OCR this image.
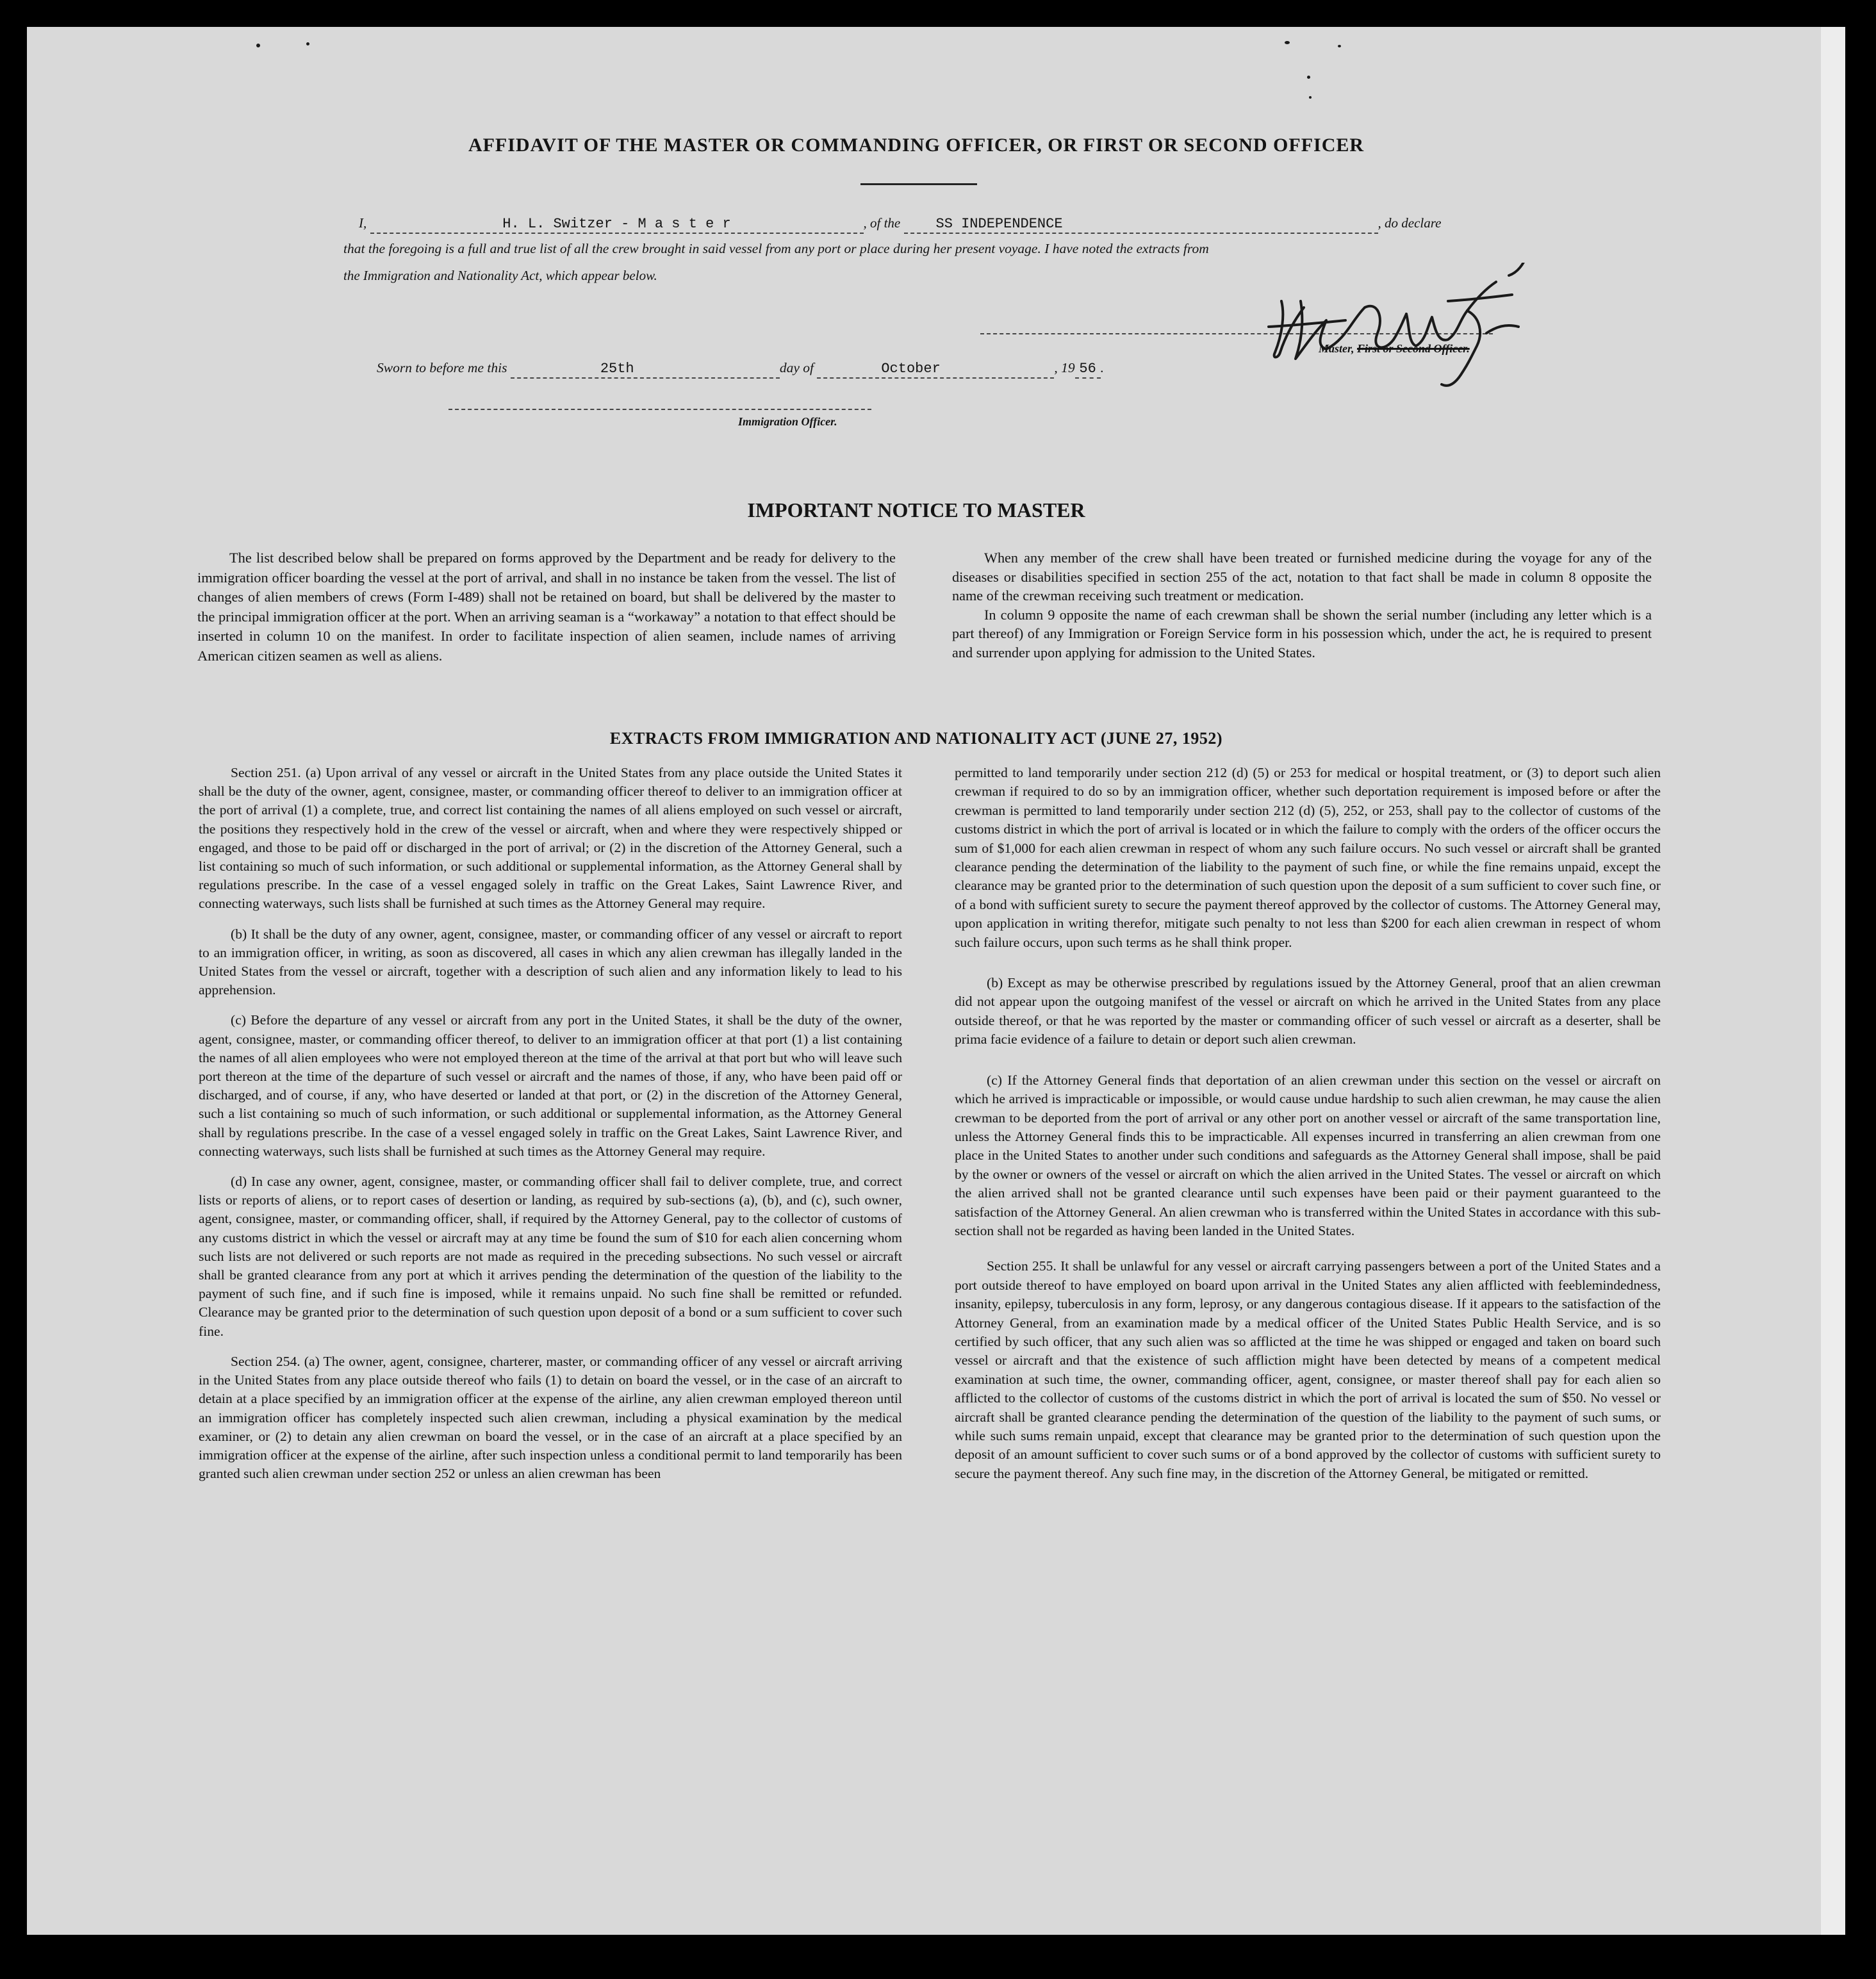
AFFIDAVIT OF THE MASTER OR COMMANDING OFFICER, OR FIRST OR SECOND OFFICER
I,	H. L. Switzer - M a s t e r	, of the	SS INDEPENDENCE	, do declare
that the foregoing is a full and true list of all the crew brought in said vessel from any port or place during her present voyage. I have noted the extracts from
the Immigration and Nationality Act, which appear below.
Master, First or Second Officer.
Sworn to before me this	25th	day of	October	, 19 56 .
Immigration Officer.
IMPORTANT NOTICE TO MASTER

The list described below shall be prepared on forms approved by the Department and be ready for delivery to the immigration officer boarding the vessel at the port of arrival, and shall in no instance be taken from the vessel. The list of changes of alien members of crews (Form I-489) shall not be retained on board, but shall be delivered by the master to the principal immigration officer at the port. When an arriving seaman is a “workaway” a notation to that effect should be inserted in column 10 on the manifest. In order to facilitate inspection of alien seamen, include names of arriving American citizen seamen as well as aliens.

When any member of the crew shall have been treated or furnished medicine during the voyage for any of the diseases or disabilities specified in section 255 of the act, notation to that fact shall be made in column 8 opposite the name of the crewman receiving such treatment or medication.

In column 9 opposite the name of each crewman shall be shown the serial number (including any letter which is a part thereof) of any Immigration or Foreign Service form in his possession which, under the act, he is required to present and surrender upon applying for admission to the United States.

EXTRACTS FROM IMMIGRATION AND NATIONALITY ACT (JUNE 27, 1952)

Section 251. (a) Upon arrival of any vessel or aircraft in the United States from any place outside the United States it shall be the duty of the owner, agent, consignee, master, or commanding officer thereof to deliver to an immigration officer at the port of arrival (1) a complete, true, and correct list containing the names of all aliens employed on such vessel or aircraft, the positions they respectively hold in the crew of the vessel or aircraft, when and where they were respectively shipped or engaged, and those to be paid off or discharged in the port of arrival; or (2) in the discretion of the Attorney General, such a list containing so much of such information, or such additional or supplemental information, as the Attorney General shall by regulations prescribe. In the case of a vessel engaged solely in traffic on the Great Lakes, Saint Lawrence River, and connecting waterways, such lists shall be furnished at such times as the Attorney General may require.

(b) It shall be the duty of any owner, agent, consignee, master, or commanding officer of any vessel or aircraft to report to an immigration officer, in writing, as soon as discovered, all cases in which any alien crewman has illegally landed in the United States from the vessel or aircraft, together with a description of such alien and any information likely to lead to his apprehension.

(c) Before the departure of any vessel or aircraft from any port in the United States, it shall be the duty of the owner, agent, consignee, master, or commanding officer thereof, to deliver to an immigration officer at that port (1) a list containing the names of all alien employees who were not employed thereon at the time of the arrival at that port but who will leave such port thereon at the time of the departure of such vessel or aircraft and the names of those, if any, who have been paid off or discharged, and of course, if any, who have deserted or landed at that port, or (2) in the discretion of the Attorney General, such a list containing so much of such information, or such additional or supplemental information, as the Attorney General shall by regulations prescribe. In the case of a vessel engaged solely in traffic on the Great Lakes, Saint Lawrence River, and connecting waterways, such lists shall be furnished at such times as the Attorney General may require.

(d) In case any owner, agent, consignee, master, or commanding officer shall fail to deliver complete, true, and correct lists or reports of aliens, or to report cases of desertion or landing, as required by sub-sections (a), (b), and (c), such owner, agent, consignee, master, or commanding officer, shall, if required by the Attorney General, pay to the collector of customs of any customs district in which the vessel or aircraft may at any time be found the sum of $10 for each alien concerning whom such lists are not delivered or such reports are not made as required in the preceding subsections. No such vessel or aircraft shall be granted clearance from any port at which it arrives pending the determination of the question of the liability to the payment of such fine, and if such fine is imposed, while it remains unpaid. No such fine shall be remitted or refunded. Clearance may be granted prior to the determination of such question upon deposit of a bond or a sum sufficient to cover such fine.

Section 254. (a) The owner, agent, consignee, charterer, master, or commanding officer of any vessel or aircraft arriving in the United States from any place outside thereof who fails (1) to detain on board the vessel, or in the case of an aircraft to detain at a place specified by an immigration officer at the expense of the airline, any alien crewman employed thereon until an immigration officer has completely inspected such alien crewman, including a physical examination by the medical examiner, or (2) to detain any alien crewman on board the vessel, or in the case of an aircraft at a place specified by an immigration officer at the expense of the airline, after such inspection unless a conditional permit to land temporarily has been granted such alien crewman under section 252 or unless an alien crewman has been

permitted to land temporarily under section 212 (d) (5) or 253 for medical or hospital treatment, or (3) to deport such alien crewman if required to do so by an immigration officer, whether such deportation requirement is imposed before or after the crewman is permitted to land temporarily under section 212 (d) (5), 252, or 253, shall pay to the collector of customs of the customs district in which the port of arrival is located or in which the failure to comply with the orders of the officer occurs the sum of $1,000 for each alien crewman in respect of whom any such failure occurs. No such vessel or aircraft shall be granted clearance pending the determination of the liability to the payment of such fine, or while the fine remains unpaid, except the clearance may be granted prior to the determination of such question upon the deposit of a sum sufficient to cover such fine, or of a bond with sufficient surety to secure the payment thereof approved by the collector of customs. The Attorney General may, upon application in writing therefor, mitigate such penalty to not less than $200 for each alien crewman in respect of whom such failure occurs, upon such terms as he shall think proper.

(b) Except as may be otherwise prescribed by regulations issued by the Attorney General, proof that an alien crewman did not appear upon the outgoing manifest of the vessel or aircraft on which he arrived in the United States from any place outside thereof, or that he was reported by the master or commanding officer of such vessel or aircraft as a deserter, shall be prima facie evidence of a failure to detain or deport such alien crewman.

(c) If the Attorney General finds that deportation of an alien crewman under this section on the vessel or aircraft on which he arrived is impracticable or impossible, or would cause undue hardship to such alien crewman, he may cause the alien crewman to be deported from the port of arrival or any other port on another vessel or aircraft of the same transportation line, unless the Attorney General finds this to be impracticable. All expenses incurred in transferring an alien crewman from one place in the United States to another under such conditions and safeguards as the Attorney General shall impose, shall be paid by the owner or owners of the vessel or aircraft on which the alien arrived in the United States. The vessel or aircraft on which the alien arrived shall not be granted clearance until such expenses have been paid or their payment guaranteed to the satisfaction of the Attorney General. An alien crewman who is transferred within the United States in accordance with this sub-section shall not be regarded as having been landed in the United States.

Section 255. It shall be unlawful for any vessel or aircraft carrying passengers between a port of the United States and a port outside thereof to have employed on board upon arrival in the United States any alien afflicted with feeblemindedness, insanity, epilepsy, tuberculosis in any form, leprosy, or any dangerous contagious disease. If it appears to the satisfaction of the Attorney General, from an examination made by a medical officer of the United States Public Health Service, and is so certified by such officer, that any such alien was so afflicted at the time he was shipped or engaged and taken on board such vessel or aircraft and that the existence of such affliction might have been detected by means of a competent medical examination at such time, the owner, commanding officer, agent, consignee, or master thereof shall pay for each alien so afflicted to the collector of customs of the customs district in which the port of arrival is located the sum of $50. No vessel or aircraft shall be granted clearance pending the determination of the question of the liability to the payment of such sums, or while such sums remain unpaid, except that clearance may be granted prior to the determination of such question upon the deposit of an amount sufficient to cover such sums or of a bond approved by the collector of customs with sufficient surety to secure the payment thereof. Any such fine may, in the discretion of the Attorney General, be mitigated or remitted.
